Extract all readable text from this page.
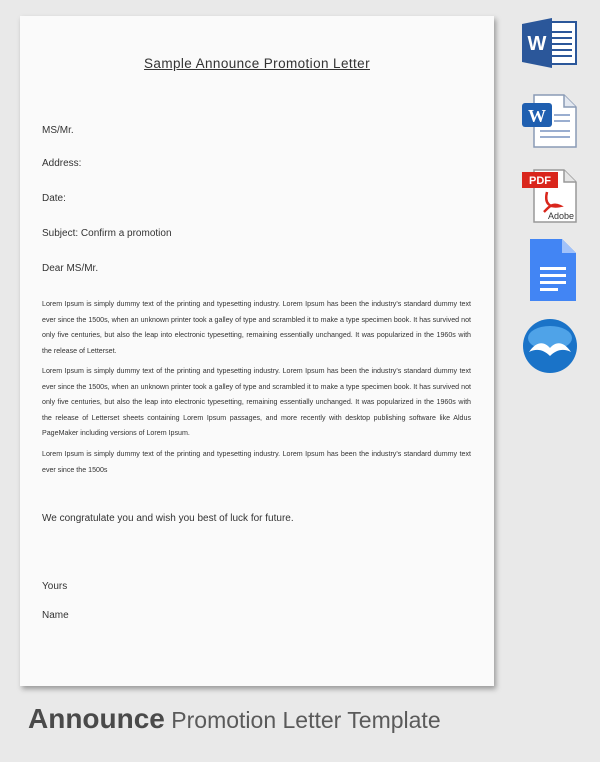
Sample Announce Promotion Letter
MS/Mr.
Address:
Date:
Subject: Confirm a promotion
Dear MS/Mr.
Lorem Ipsum is simply dummy text of the printing and typesetting industry. Lorem Ipsum has been the industry's standard dummy text ever since the 1500s, when an unknown printer took a galley of type and scrambled it to make a type specimen book. It has survived not only five centuries, but also the leap into electronic typesetting, remaining essentially unchanged. It was popularized in the 1960s with the release of Letterset.
Lorem Ipsum is simply dummy text of the printing and typesetting industry. Lorem Ipsum has been the industry's standard dummy text ever since the 1500s, when an unknown printer took a galley of type and scrambled it to make a type specimen book. It has survived not only five centuries, but also the leap into electronic typesetting, remaining essentially unchanged. It was popularized in the 1960s with the release of Letterset sheets containing Lorem Ipsum passages, and more recently with desktop publishing software like Aldus PageMaker including versions of Lorem Ipsum.
Lorem Ipsum is simply dummy text of the printing and typesetting industry. Lorem Ipsum has been the industry's standard dummy text ever since the 1500s
We congratulate you and wish you best of luck for future.
Yours
Name
W
W
PDF
Adobe
Announce Promotion Letter Template
